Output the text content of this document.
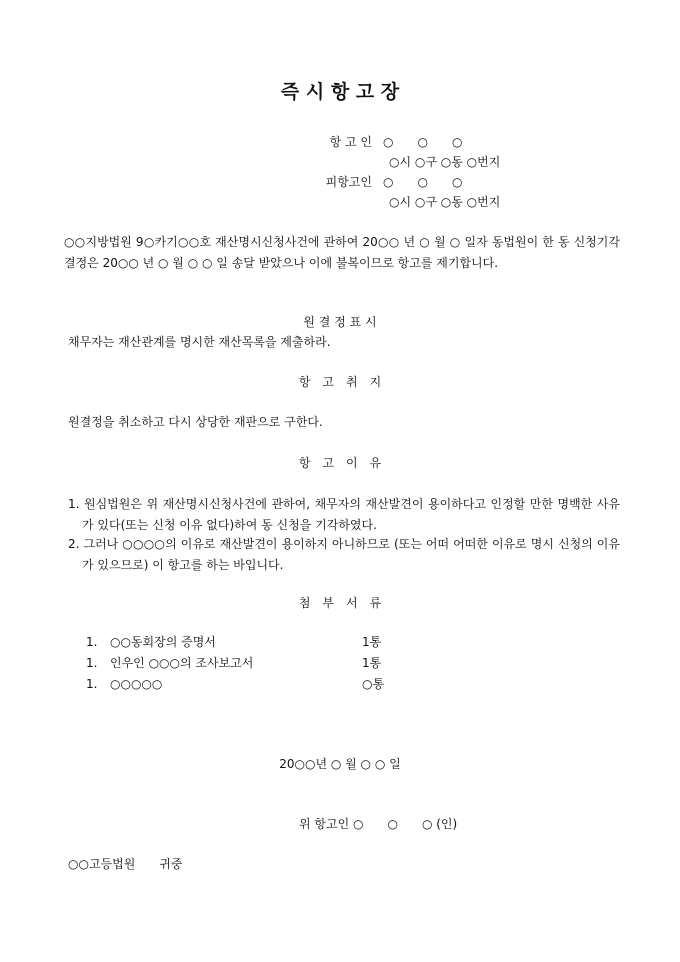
즉 시 항 고 장
항 고 인 ○　　○　　○
○시 ○구 ○동 ○번지
피항고인 ○　　○　　○
○시 ○구 ○동 ○번지
○○지방법원 9○카기○○호 재산명시신청사건에 관하여 20○○ 년 ○ 월 ○ 일자 동법원이 한 동 신청기각 결정은 20○○ 년 ○ 월 ○ ○ 일 송달 받았으나 이에 불복이므로 항고를 제기합니다.
원 결 정 표 시
채무자는 재산관계를 명시한 재산목록을 제출하라.
항　고　취　지
원결정을 취소하고 다시 상당한 재판으로 구한다.
항　고　이　유
1. 원심법원은 위 재산명시신청사건에 관하여, 채무자의 재산발견이 용이하다고 인정할 만한 명백한 사유가 있다(또는 신청 이유 없다)하여 동 신청을 기각하였다.
2. 그러나 ○○○○의 이유로 재산발견이 용이하지 아니하므로 (또는 어떠 어떠한 이유로 명시 신청의 이유가 있으므로) 이 항고를 하는 바입니다.
첨　부　서　류
1. ○○동회장의 증명서	1통
1. 인우인 ○○○의 조사보고서	1통
1. ○○○○○	○통
20○○년 ○ 월 ○ ○ 일
위 항고인 ○　　○　　○ (인)
○○고등법원　　귀중
